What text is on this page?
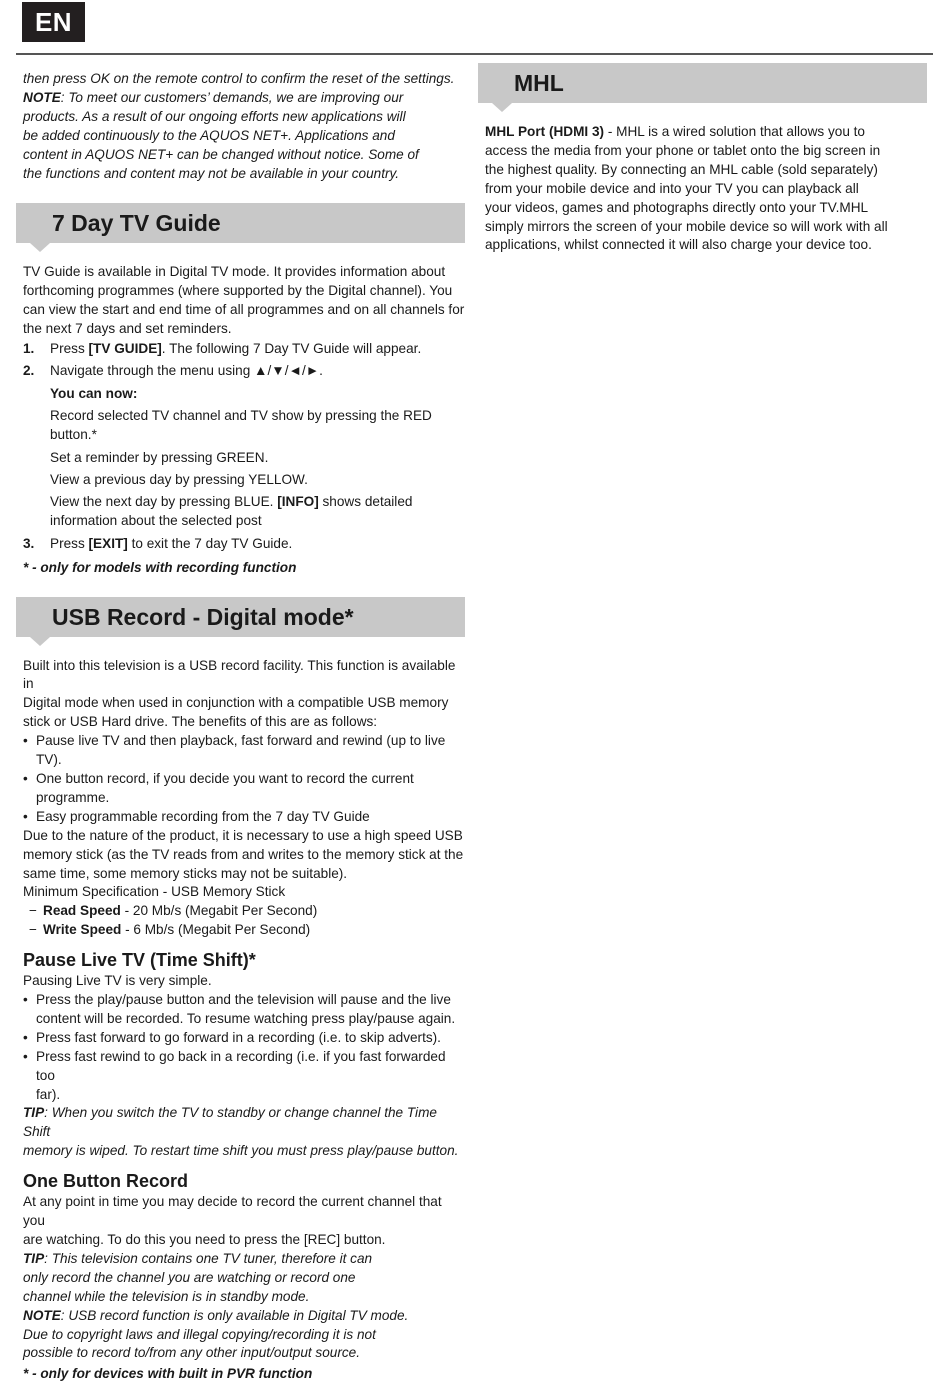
EN
then press OK on the remote control to confirm the reset of the settings.
NOTE: To meet our customers’ demands, we are improving our
products. As a result of our ongoing efforts new applications will
be added continuously to the AQUOS NET+. Applications and
content in AQUOS NET+ can be changed without notice. Some of
the functions and content may not be available in your country.
7 Day TV Guide
TV Guide is available in Digital TV mode. It provides information about
forthcoming programmes (where supported by the Digital channel). You
can view the start and end time of all programmes and on all channels for
the next 7 days and set reminders.
1.	Press [TV GUIDE]. The following 7 Day TV Guide will appear.
2.	Navigate through the menu using ▲/▼/◄/►.
You can now:
Record selected TV channel and TV show by pressing the RED button.*
Set a reminder by pressing GREEN.
View a previous day by pressing YELLOW.
View the next day by pressing BLUE. [INFO] shows detailed
information about the selected post
3.	Press [EXIT] to exit the 7 day TV Guide.
* - only for models with recording function
USB Record - Digital mode*
Built into this television is a USB record facility. This function is available in
Digital mode when used in conjunction with a compatible USB memory
stick or USB Hard drive. The benefits of this are as follows:
• Pause live TV and then playback, fast forward and rewind (up to live TV).
• One button record, if you decide you want to record the current
programme.
• Easy programmable recording from the 7 day TV Guide
Due to the nature of the product, it is necessary to use a high speed USB
memory stick (as the TV reads from and writes to the memory stick at the
same time, some memory sticks may not be suitable).
Minimum Specification - USB Memory Stick
− Read Speed - 20 Mb/s (Megabit Per Second)
− Write Speed - 6 Mb/s (Megabit Per Second)
Pause Live TV (Time Shift)*
Pausing Live TV is very simple.
• Press the play/pause button and the television will pause and the live
content will be recorded. To resume watching press play/pause again.
• Press fast forward to go forward in a recording (i.e. to skip adverts).
• Press fast rewind to go back in a recording (i.e. if you fast forwarded too
far).
TIP: When you switch the TV to standby or change channel the Time Shift
memory is wiped. To restart time shift you must press play/pause button.
One Button Record
At any point in time you may decide to record the current channel that you
are watching. To do this you need to press the [REC] button.
TIP: This television contains one TV tuner, therefore it can
only record the channel you are watching or record one
channel while the television is in standby mode.
NOTE: USB record function is only available in Digital TV mode.
Due to copyright laws and illegal copying/recording it is not
possible to record to/from any other input/output source.
* - only for devices with built in PVR function
MHL
MHL Port (HDMI 3) - MHL is a wired solution that allows you to
access the media from your phone or tablet onto the big screen in
the highest quality. By connecting an MHL cable (sold separately)
from your mobile device and into your TV you can playback all
your videos, games and photographs directly onto your TV.MHL
simply mirrors the screen of your mobile device so will work with all
applications, whilst connected it will also charge your device too.
